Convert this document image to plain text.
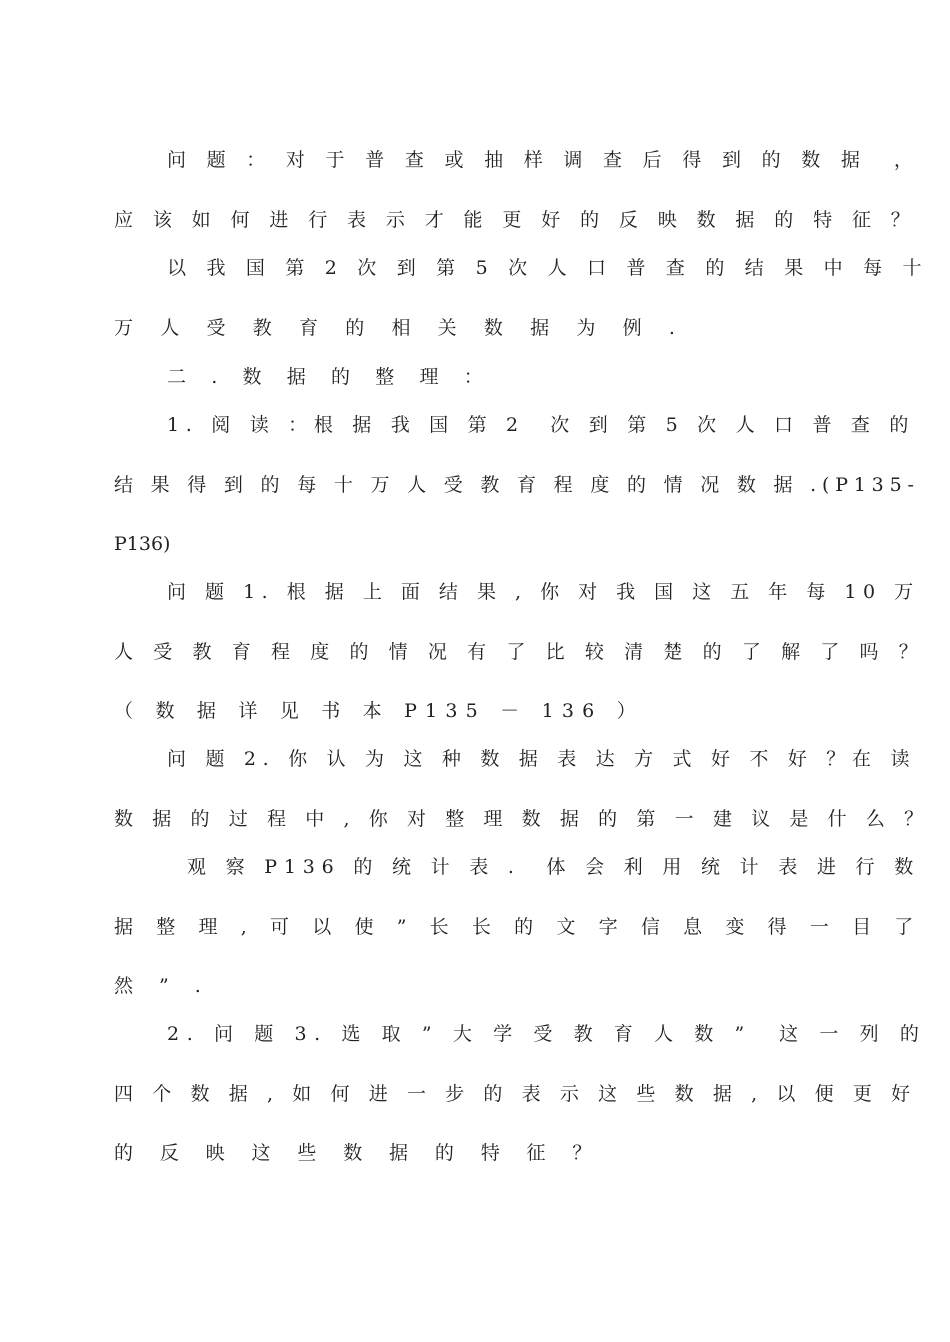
问 题 ： 对 于 普 查 或 抽 样 调 查 后 得 到 的 数 据  ，
应 该 如 何 进 行 表 示 才 能 更 好 的 反 映 数 据 的 特 征 ？
以 我 国 第 2 次 到 第 5 次 人 口 普 查 的 结 果 中 每 十
万 人 受 教 育 的 相 关 数 据 为 例 .
二 . 数 据 的 整 理 ：
1. 阅 读 ：根 据 我 国 第 2  次 到 第 5 次 人 口 普 查 的
结 果 得 到 的 每 十 万 人 受 教 育 程 度 的 情 况 数 据 .(P135-
P136)
问 题 1. 根 据 上 面 结 果 , 你 对 我 国 这 五 年 每 10 万
人 受 教 育 程 度 的 情 况 有 了 比 较 清 楚 的 了 解 了 吗 ？
（ 数 据 详 见 书 本 P135 － 136 ）
问 题 2. 你 认 为 这 种 数 据 表 达 方 式 好 不 好 ？在 读
数 据 的 过 程 中 , 你 对 整 理 数 据 的 第 一 建 议 是 什 么 ？
观 察 P136 的 统 计 表 .  体 会 利 用 统 计 表 进 行 数
据 整 理 , 可 以 使 ” 长 长 的 文 字 信 息 变 得 一 目 了
然 ” .
2. 问 题 3. 选 取 ” 大 学 受 教 育 人 数 ”  这 一 列 的
四 个 数 据 , 如 何 进 一 步 的 表 示 这 些 数 据 , 以 便 更 好
的 反 映 这 些 数 据 的 特 征 ？
